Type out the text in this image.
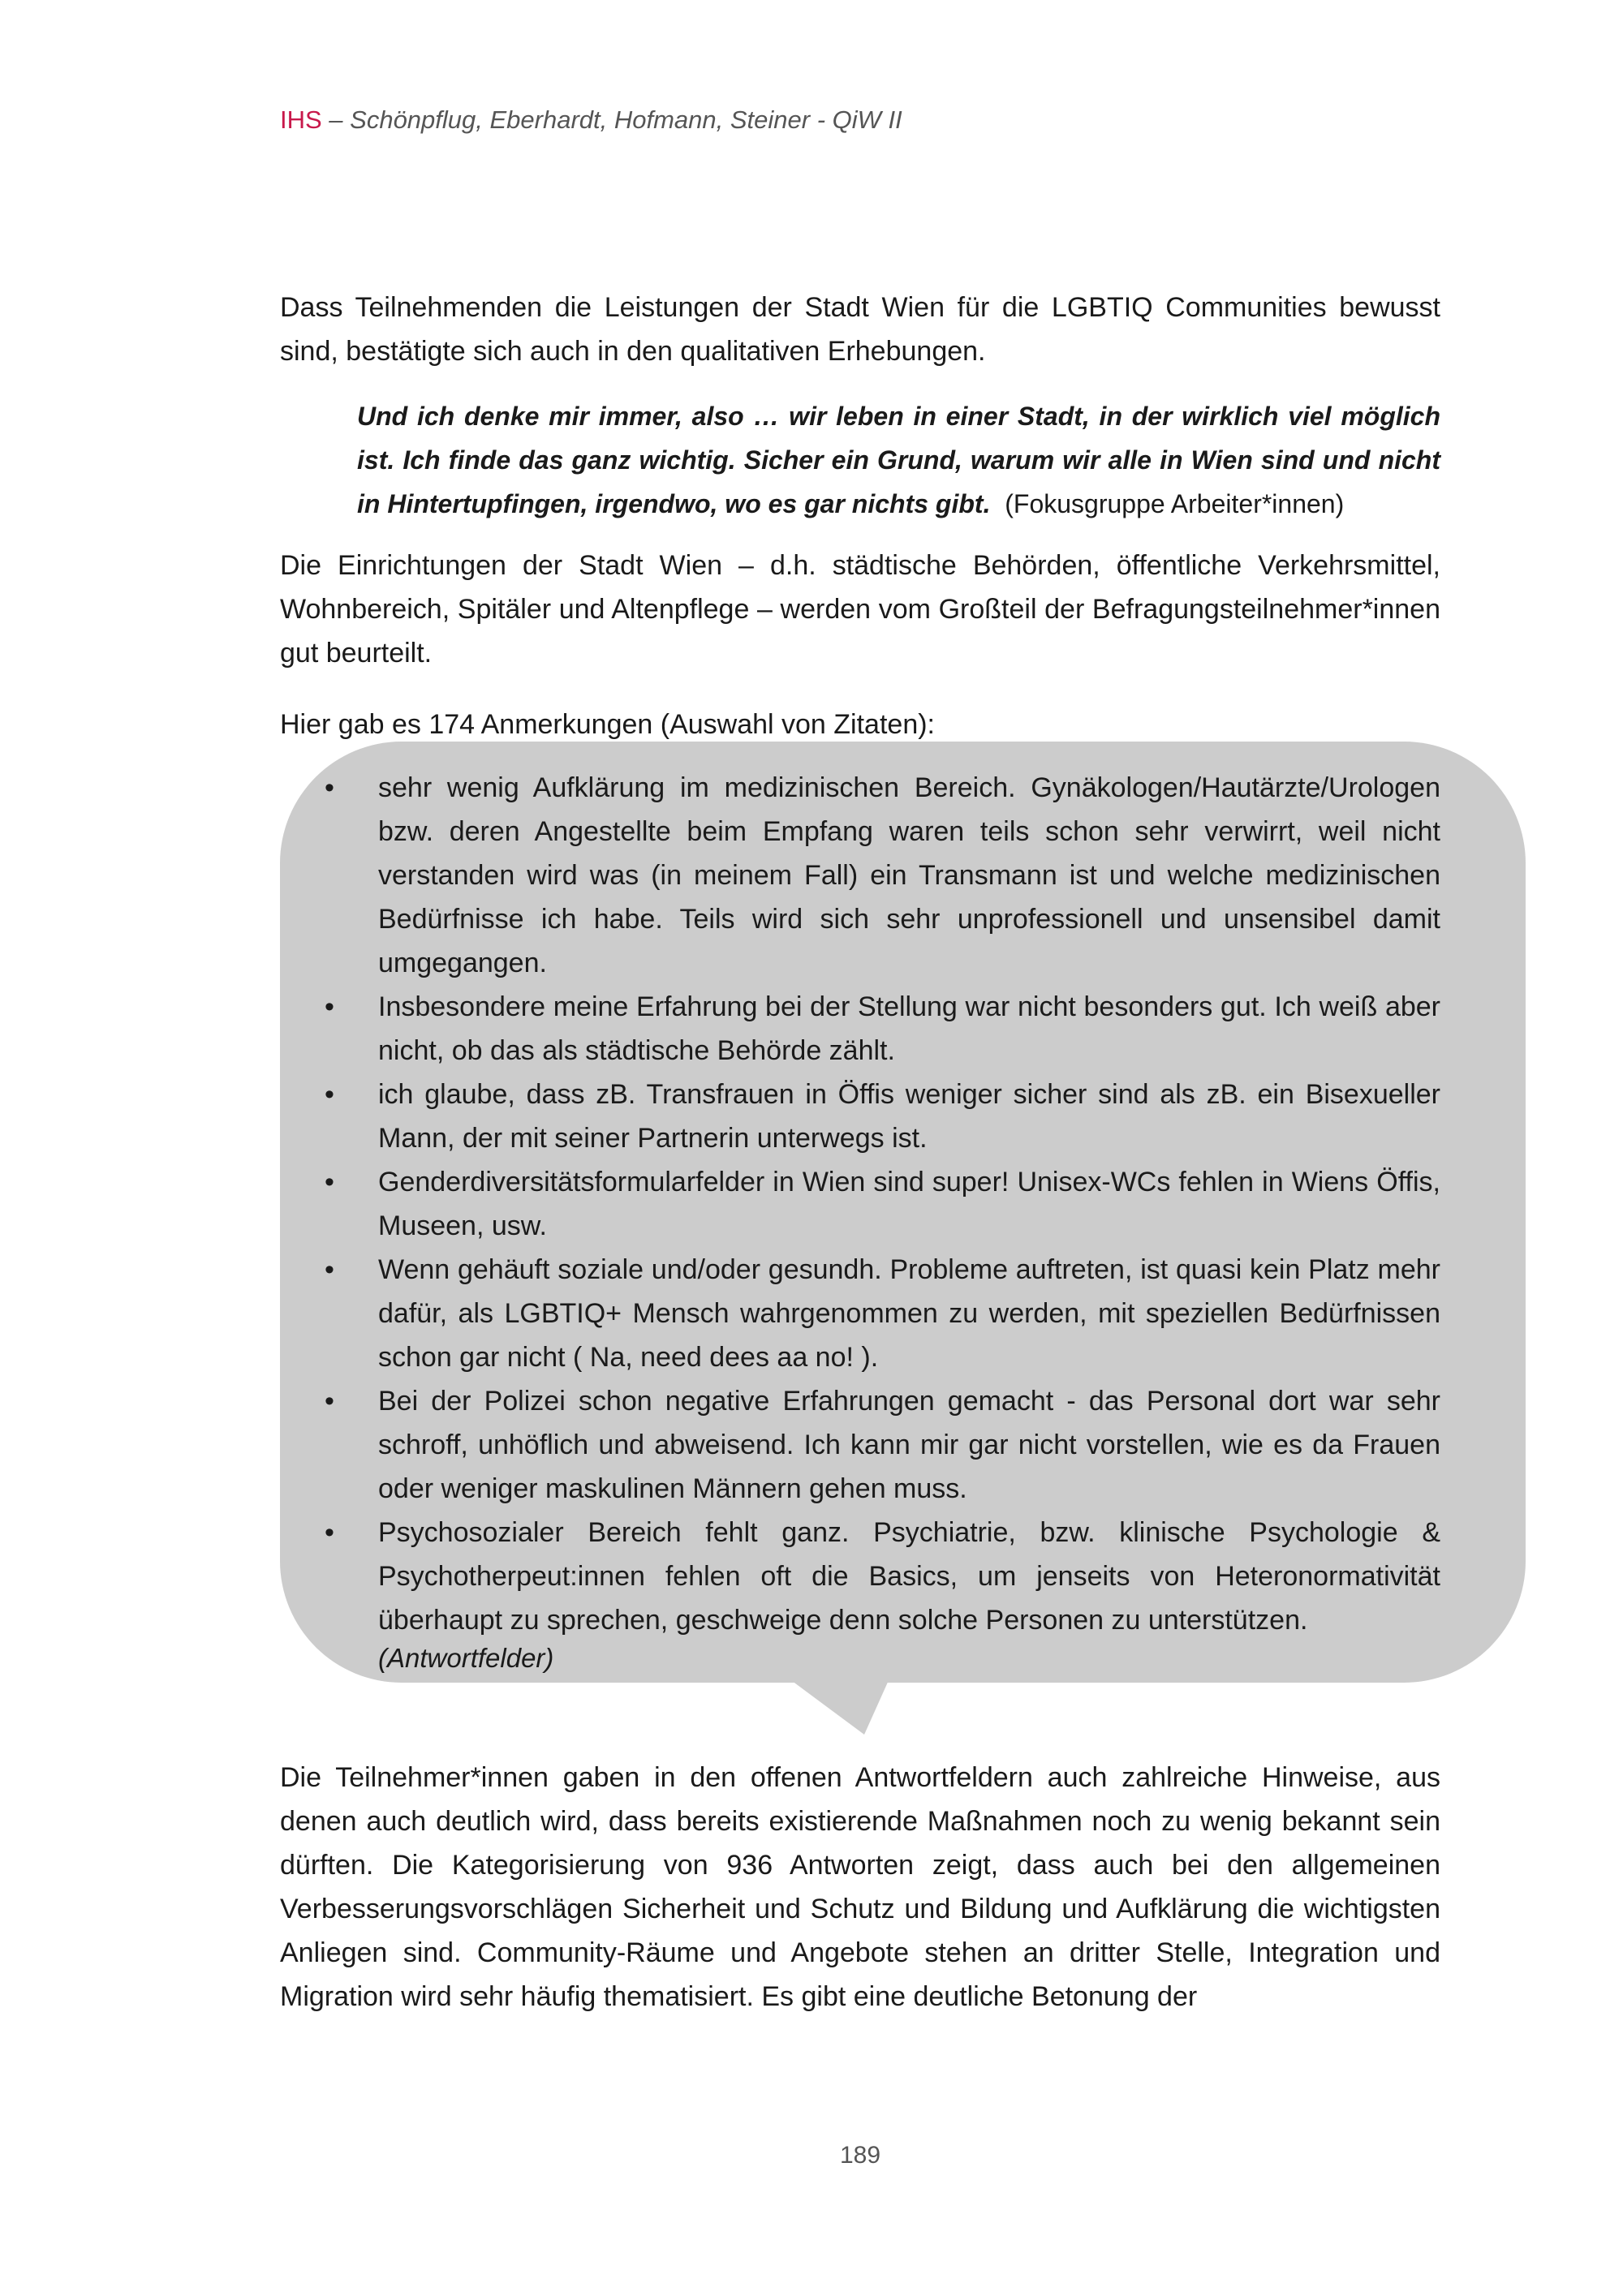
IHS – Schönpflug, Eberhardt, Hofmann, Steiner - QiW II

Dass Teilnehmenden die Leistungen der Stadt Wien für die LGBTIQ Communities bewusst sind, bestätigte sich auch in den qualitativen Erhebungen.

Und ich denke mir immer, also … wir leben in einer Stadt, in der wirklich viel möglich ist. Ich finde das ganz wichtig. Sicher ein Grund, warum wir alle in Wien sind und nicht in Hintertupfingen, irgendwo, wo es gar nichts gibt. (Fokusgruppe Arbeiter*innen)

Die Einrichtungen der Stadt Wien – d.h. städtische Behörden, öffentliche Verkehrsmittel, Wohnbereich, Spitäler und Altenpflege – werden vom Großteil der Befragungsteilnehmer*innen gut beurteilt.

Hier gab es 174 Anmerkungen (Auswahl von Zitaten):

•	sehr wenig Aufklärung im medizinischen Bereich. Gynäkologen/Hautärzte/Urologen bzw. deren Angestellte beim Empfang waren teils schon sehr verwirrt, weil nicht verstanden wird was (in meinem Fall) ein Transmann ist und welche medizinischen Bedürfnisse ich habe. Teils wird sich sehr unprofessionell und unsensibel damit umgegangen.
•	Insbesondere meine Erfahrung bei der Stellung war nicht besonders gut. Ich weiß aber nicht, ob das als städtische Behörde zählt.
•	ich glaube, dass zB. Transfrauen in Öffis weniger sicher sind als zB. ein Bisexueller Mann, der mit seiner Partnerin unterwegs ist.
•	Genderdiversitätsformularfelder in Wien sind super! Unisex-WCs fehlen in Wiens Öffis, Museen, usw.
•	Wenn gehäuft soziale und/oder gesundh. Probleme auftreten, ist quasi kein Platz mehr dafür, als LGBTIQ+ Mensch wahrgenommen zu werden, mit speziellen Bedürfnissen schon gar nicht ( Na, need dees aa no! ).
•	Bei der Polizei schon negative Erfahrungen gemacht - das Personal dort war sehr schroff, unhöflich und abweisend. Ich kann mir gar nicht vorstellen, wie es da Frauen oder weniger maskulinen Männern gehen muss.
•	Psychosozialer Bereich fehlt ganz. Psychiatrie, bzw. klinische Psychologie & Psychotherpeut:innen fehlen oft die Basics, um jenseits von Heteronormativität überhaupt zu sprechen, geschweige denn solche Personen zu unterstützen.
(Antwortfelder)

Die Teilnehmer*innen gaben in den offenen Antwortfeldern auch zahlreiche Hinweise, aus denen auch deutlich wird, dass bereits existierende Maßnahmen noch zu wenig bekannt sein dürften. Die Kategorisierung von 936 Antworten zeigt, dass auch bei den allgemeinen Verbesserungsvorschlägen Sicherheit und Schutz und Bildung und Aufklärung die wichtigsten Anliegen sind. Community-Räume und Angebote stehen an dritter Stelle, Integration und Migration wird sehr häufig thematisiert. Es gibt eine deutliche Betonung der

189
